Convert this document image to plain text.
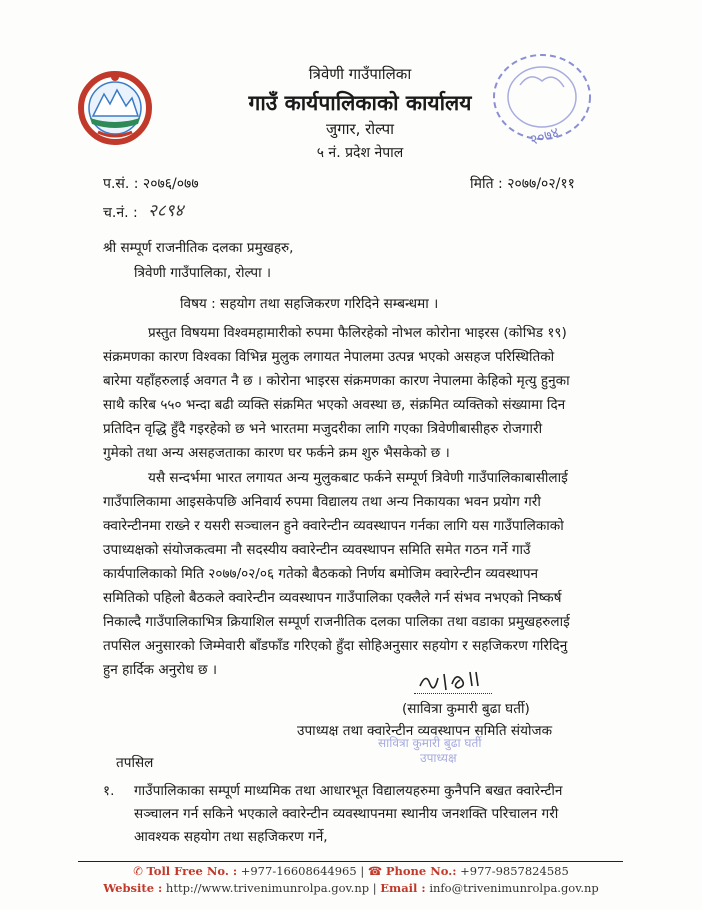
२०७४
त्रिवेणी गाउँपालिका
गाउँ कार्यपालिकाको कार्यालय
जुगार, रोल्पा
५ नं. प्रदेश नेपाल
प.सं. : २०७६/०७७	मिति : २०७७/०२/११
च.नं. : २८९४
श्री सम्पूर्ण राजनीतिक दलका प्रमुखहरु,
त्रिवेणी गाउँपालिका, रोल्पा ।
विषय : सहयोग तथा सहजिकरण गरिदिने सम्बन्धमा ।
प्रस्तुत विषयमा विश्वमहामारीको रुपमा फैलिरहेको नोभल कोरोना भाइरस (कोभिड १९)
संक्रमणका कारण विश्वका विभिन्न मुलुक लगायत नेपालमा उत्पन्न भएको असहज परिस्थितिको
बारेमा यहाँहरुलाई अवगत नै छ । कोरोना भाइरस संक्रमणका कारण नेपालमा केहिको मृत्यु हुनुका
साथै करिब ५५० भन्दा बढी व्यक्ति संक्रमित भएको अवस्था छ, संक्रमित व्यक्तिको संख्यामा दिन
प्रतिदिन वृद्धि हुँदै गइरहेको छ भने भारतमा मजुदरीका लागि गएका त्रिवेणीबासीहरु रोजगारी
गुमेको तथा अन्य असहजताका कारण घर फर्कने क्रम शुरु भैसकेको छ ।
यसै सन्दर्भमा भारत लगायत अन्य मुलुकबाट फर्कने सम्पूर्ण त्रिवेणी गाउँपालिकाबासीलाई
गाउँपालिकामा आइसकेपछि अनिवार्य रुपमा विद्यालय तथा अन्य निकायका भवन प्रयोग गरी
क्वारेन्टीनमा राख्ने र यसरी सञ्चालन हुने क्वारेन्टीन व्यवस्थापन गर्नका लागि यस गाउँपालिकाको
उपाध्यक्षको संयोजकत्वमा नौ सदस्यीय क्वारेन्टीन व्यवस्थापन समिति समेत गठन गर्ने गाउँ
कार्यपालिकाको मिति २०७७/०२/०६ गतेको बैठकको निर्णय बमोजिम क्वारेन्टीन व्यवस्थापन
समितिको पहिलो बैठकले क्वारेन्टीन व्यवस्थापन गाउँपालिका एक्लैले गर्न संभव नभएको निष्कर्ष
निकाल्दै गाउँपालिकाभित्र क्रियाशिल सम्पूर्ण राजनीतिक दलका पालिका तथा वडाका प्रमुखहरुलाई
तपसिल अनुसारको जिम्मेवारी बाँडफाँड गरिएको हुँदा सोहिअनुसार सहयोग र सहजिकरण गरिदिनु
हुन हार्दिक अनुरोध छ ।
(सावित्रा कुमारी बुढा घर्ती)
उपाध्यक्ष तथा क्वारेन्टीन व्यवस्थापन समिति संयोजक
सावित्रा कुमारी बुढा घर्ती
उपाध्यक्ष
तपसिल
१. गाउँपालिकाका सम्पूर्ण माध्यमिक तथा आधारभूत विद्यालयहरुमा कुनैपनि बखत क्वारेन्टीन
सञ्चालन गर्न सकिने भएकाले क्वारेन्टीन व्यवस्थापनमा स्थानीय जनशक्ति परिचालन गरी
आवश्यक सहयोग तथा सहजिकरण गर्ने,
✆ Toll Free No. : +977-16608644965 | ☎ Phone No.: +977-9857824585
Website : http://www.trivenimunrolpa.gov.np | Email : info@trivenimunrolpa.gov.np
